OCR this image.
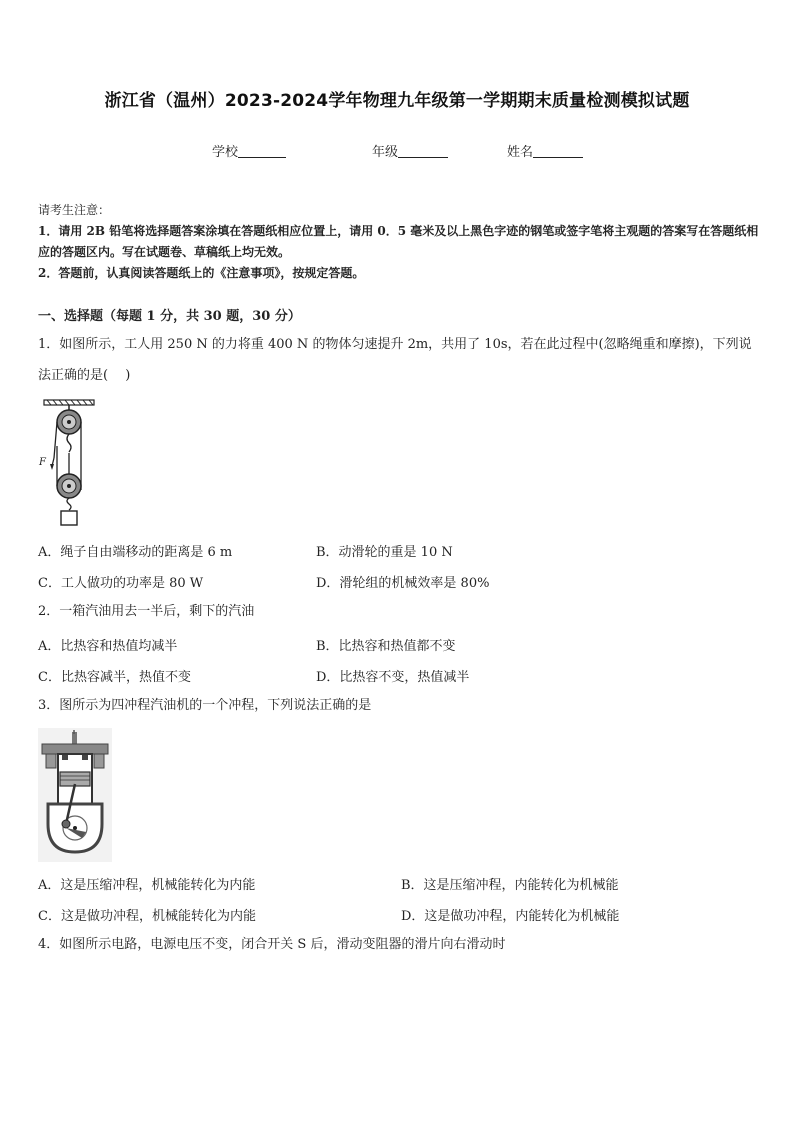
浙江省（温州）2023-2024学年物理九年级第一学期期末质量检测模拟试题
学校	年级	姓名
请考生注意：
1．请用 2B 铅笔将选择题答案涂填在答题纸相应位置上，请用 0．5 毫米及以上黑色字迹的钢笔或签字笔将主观题的答案写在答题纸相应的答题区内。写在试题卷、草稿纸上均无效。
2．答题前，认真阅读答题纸上的《注意事项》，按规定答题。
一、选择题（每题 1 分，共 30 题，30 分）
1．如图所示，工人用 250 N 的力将重 400 N 的物体匀速提升 2m，共用了 10s，若在此过程中(忽略绳重和摩擦)，下列说法正确的是(　 )
F
A．绳子自由端移动的距离是 6 m	B．动滑轮的重是 10 N
C．工人做功的功率是 80 W	D．滑轮组的机械效率是 80%
2．一箱汽油用去一半后，剩下的汽油
A．比热容和热值均减半	B．比热容和热值都不变
C．比热容减半，热值不变	D．比热容不变，热值减半
3．图所示为四冲程汽油机的一个冲程，下列说法正确的是
A．这是压缩冲程，机械能转化为内能	B．这是压缩冲程，内能转化为机械能
C．这是做功冲程，机械能转化为内能	D．这是做功冲程，内能转化为机械能
4．如图所示电路，电源电压不变，闭合开关 S 后，滑动变阻器的滑片向右滑动时
